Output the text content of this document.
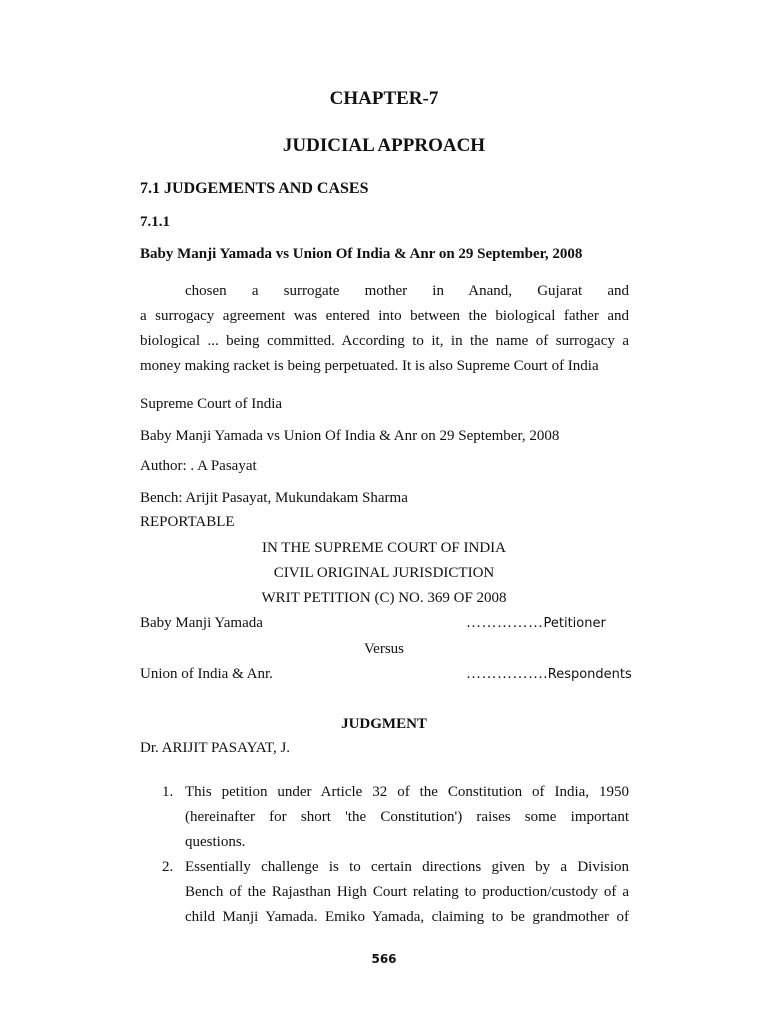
CHAPTER-7
JUDICIAL APPROACH
7.1 JUDGEMENTS AND CASES
7.1.1
Baby Manji Yamada vs Union Of India & Anr on 29 September, 2008
chosen a surrogate mother in Anand, Gujarat and
a surrogacy agreement was entered into between the biological father and
biological ... being committed. According to it, in the name of surrogacy a
money making racket is being perpetuated. It is also Supreme Court of India
Supreme Court of India
Baby Manji Yamada vs Union Of India & Anr on 29 September, 2008
Author: . A Pasayat
Bench: Arijit Pasayat, Mukundakam Sharma
REPORTABLE
IN THE SUPREME COURT OF INDIA
CIVIL ORIGINAL JURISDICTION
WRIT PETITION (C) NO. 369 OF 2008
Baby Manji Yamada	……………Petitioner
Versus
Union of India & Anr.	…………….Respondents
JUDGMENT
Dr. ARIJIT PASAYAT, J.
1. This petition under Article 32 of the Constitution of India, 1950
(hereinafter for short 'the Constitution') raises some important
questions.
2. Essentially challenge is to certain directions given by a Division
Bench of the Rajasthan High Court relating to production/custody of a
child Manji Yamada. Emiko Yamada, claiming to be grandmother of
566
